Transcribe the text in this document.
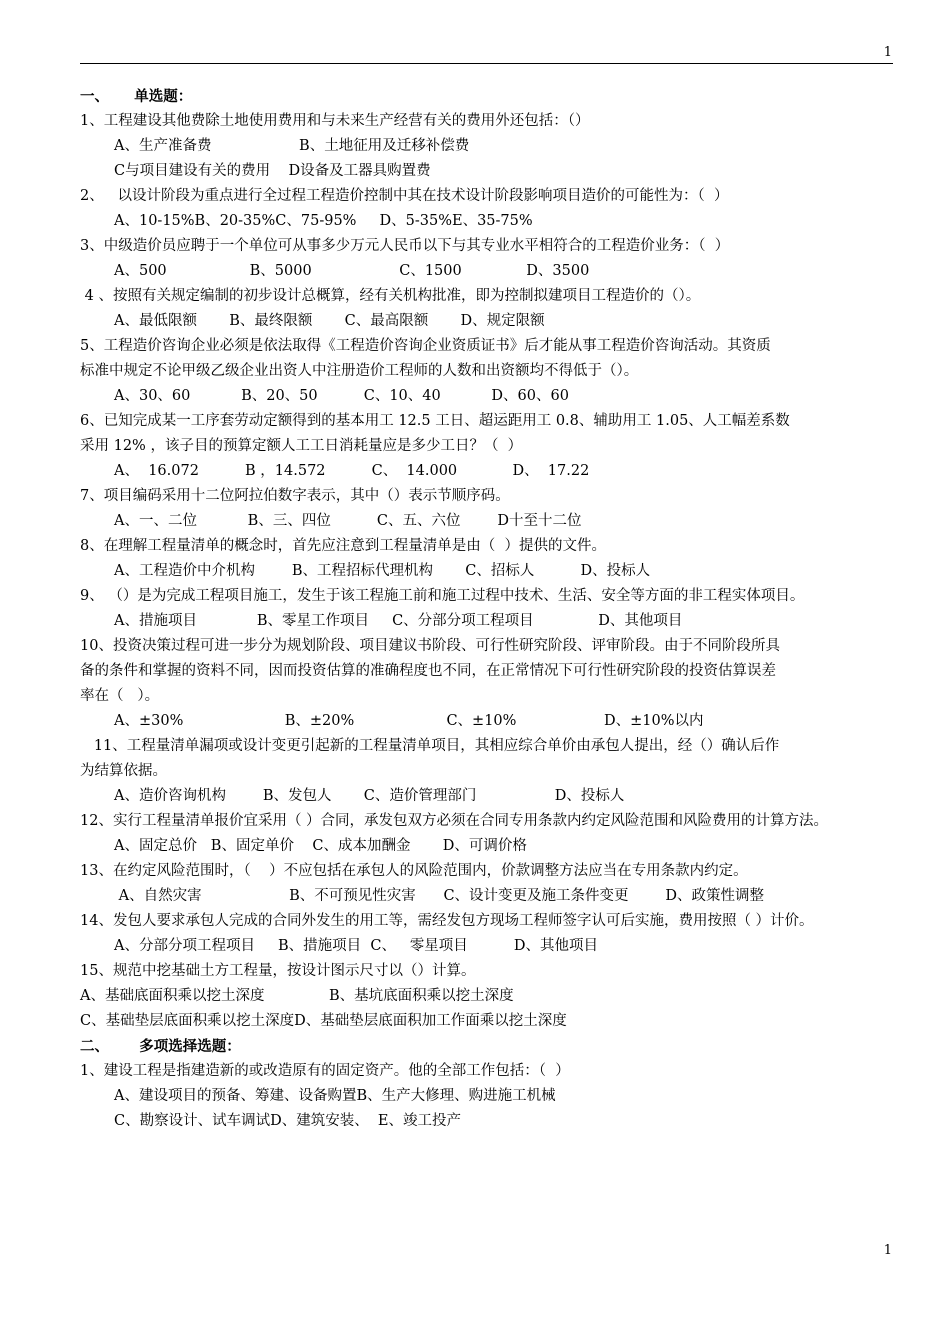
1
一、     单选题：
1、工程建设其他费除土地使用费用和与未来生产经营有关的费用外还包括：（）
A、生产准备费                   B、土地征用及迁移补偿费
C与项目建设有关的费用    D设备及工器具购置费
2、   以设计阶段为重点进行全过程工程造价控制中其在技术设计阶段影响项目造价的可能性为：（  ）
A、10-15%B、20-35%C、75-95%     D、5-35%E、35-75%
3、中级造价员应聘于一个单位可从事多少万元人民币以下与其专业水平相符合的工程造价业务：（  ）
A、500                  B、5000                   C、1500              D、3500
4 、按照有关规定编制的初步设计总概算，经有关机构批准，即为控制拟建项目工程造价的（）。
A、最低限额       B、最终限额       C、最高限额       D、规定限额
5、工程造价咨询企业必须是依法取得《工程造价咨询企业资质证书》后才能从事工程造价咨询活动。其资质
标准中规定不论甲级乙级企业出资人中注册造价工程师的人数和出资额均不得低于（）。
A、30、60           B、20、50          C、10、40           D、60、60
6、已知完成某一工序套劳动定额得到的基本用工 12.5 工日、超运距用工 0.8、辅助用工 1.05、人工幅差系数
采用 12% ，该子目的预算定额人工工日消耗量应是多少工日？（  ）
A、  16.072          B ，14.572          C、  14.000            D、  17.22
7、项目编码采用十二位阿拉伯数字表示，其中（）表示节顺序码。
A、一、二位           B、三、四位          C、五、六位        D十至十二位
8、在理解工程量清单的概念时，首先应注意到工程量清单是由（  ）提供的文件。
A、工程造价中介机构        B、工程招标代理机构       C、招标人          D、投标人
9、 （）是为完成工程项目施工，发生于该工程施工前和施工过程中技术、生活、安全等方面的非工程实体项目。
A、措施项目             B、零星工作项目     C、分部分项工程项目              D、其他项目
10、投资决策过程可进一步分为规划阶段、项目建议书阶段、可行性研究阶段、评审阶段。由于不同阶段所具
备的条件和掌握的资料不同，因而投资估算的准确程度也不同，在正常情况下可行性研究阶段的投资估算误差
率在（   ）。
A、±30%                      B、±20%                    C、±10%                   D、±10%以内
11、工程量清单漏项或设计变更引起新的工程量清单项目，其相应综合单价由承包人提出，经（）确认后作
为结算依据。
A、造价咨询机构        B、发包人       C、造价管理部门                 D、投标人
12、实行工程量清单报价宜采用（ ）合同，承发包双方必须在合同专用条款内约定风险范围和风险费用的计算方法。
A、固定总价   B、固定单价    C、成本加酬金       D、可调价格
13、在约定风险范围时，（    ）不应包括在承包人的风险范围内，价款调整方法应当在专用条款内约定。
A、自然灾害                   B、不可预见性灾害      C、设计变更及施工条件变更        D、政策性调整
14、发包人要求承包人完成的合同外发生的用工等，需经发包方现场工程师签字认可后实施，费用按照（ ）计价。
A、分部分项工程项目     B、措施项目  C、   零星项目          D、其他项目
15、规范中挖基础土方工程量，按设计图示尺寸以（）计算。
A、基础底面积乘以挖土深度              B、基坑底面积乘以挖土深度
C、基础垫层底面积乘以挖土深度D、基础垫层底面积加工作面乘以挖土深度
二、      多项选择选题：
1、建设工程是指建造新的或改造原有的固定资产。他的全部工作包括：（  ）
A、建设项目的预备、筹建、设备购置B、生产大修理、购进施工机械
C、勘察设计、试车调试D、建筑安装、  E、竣工投产
1
